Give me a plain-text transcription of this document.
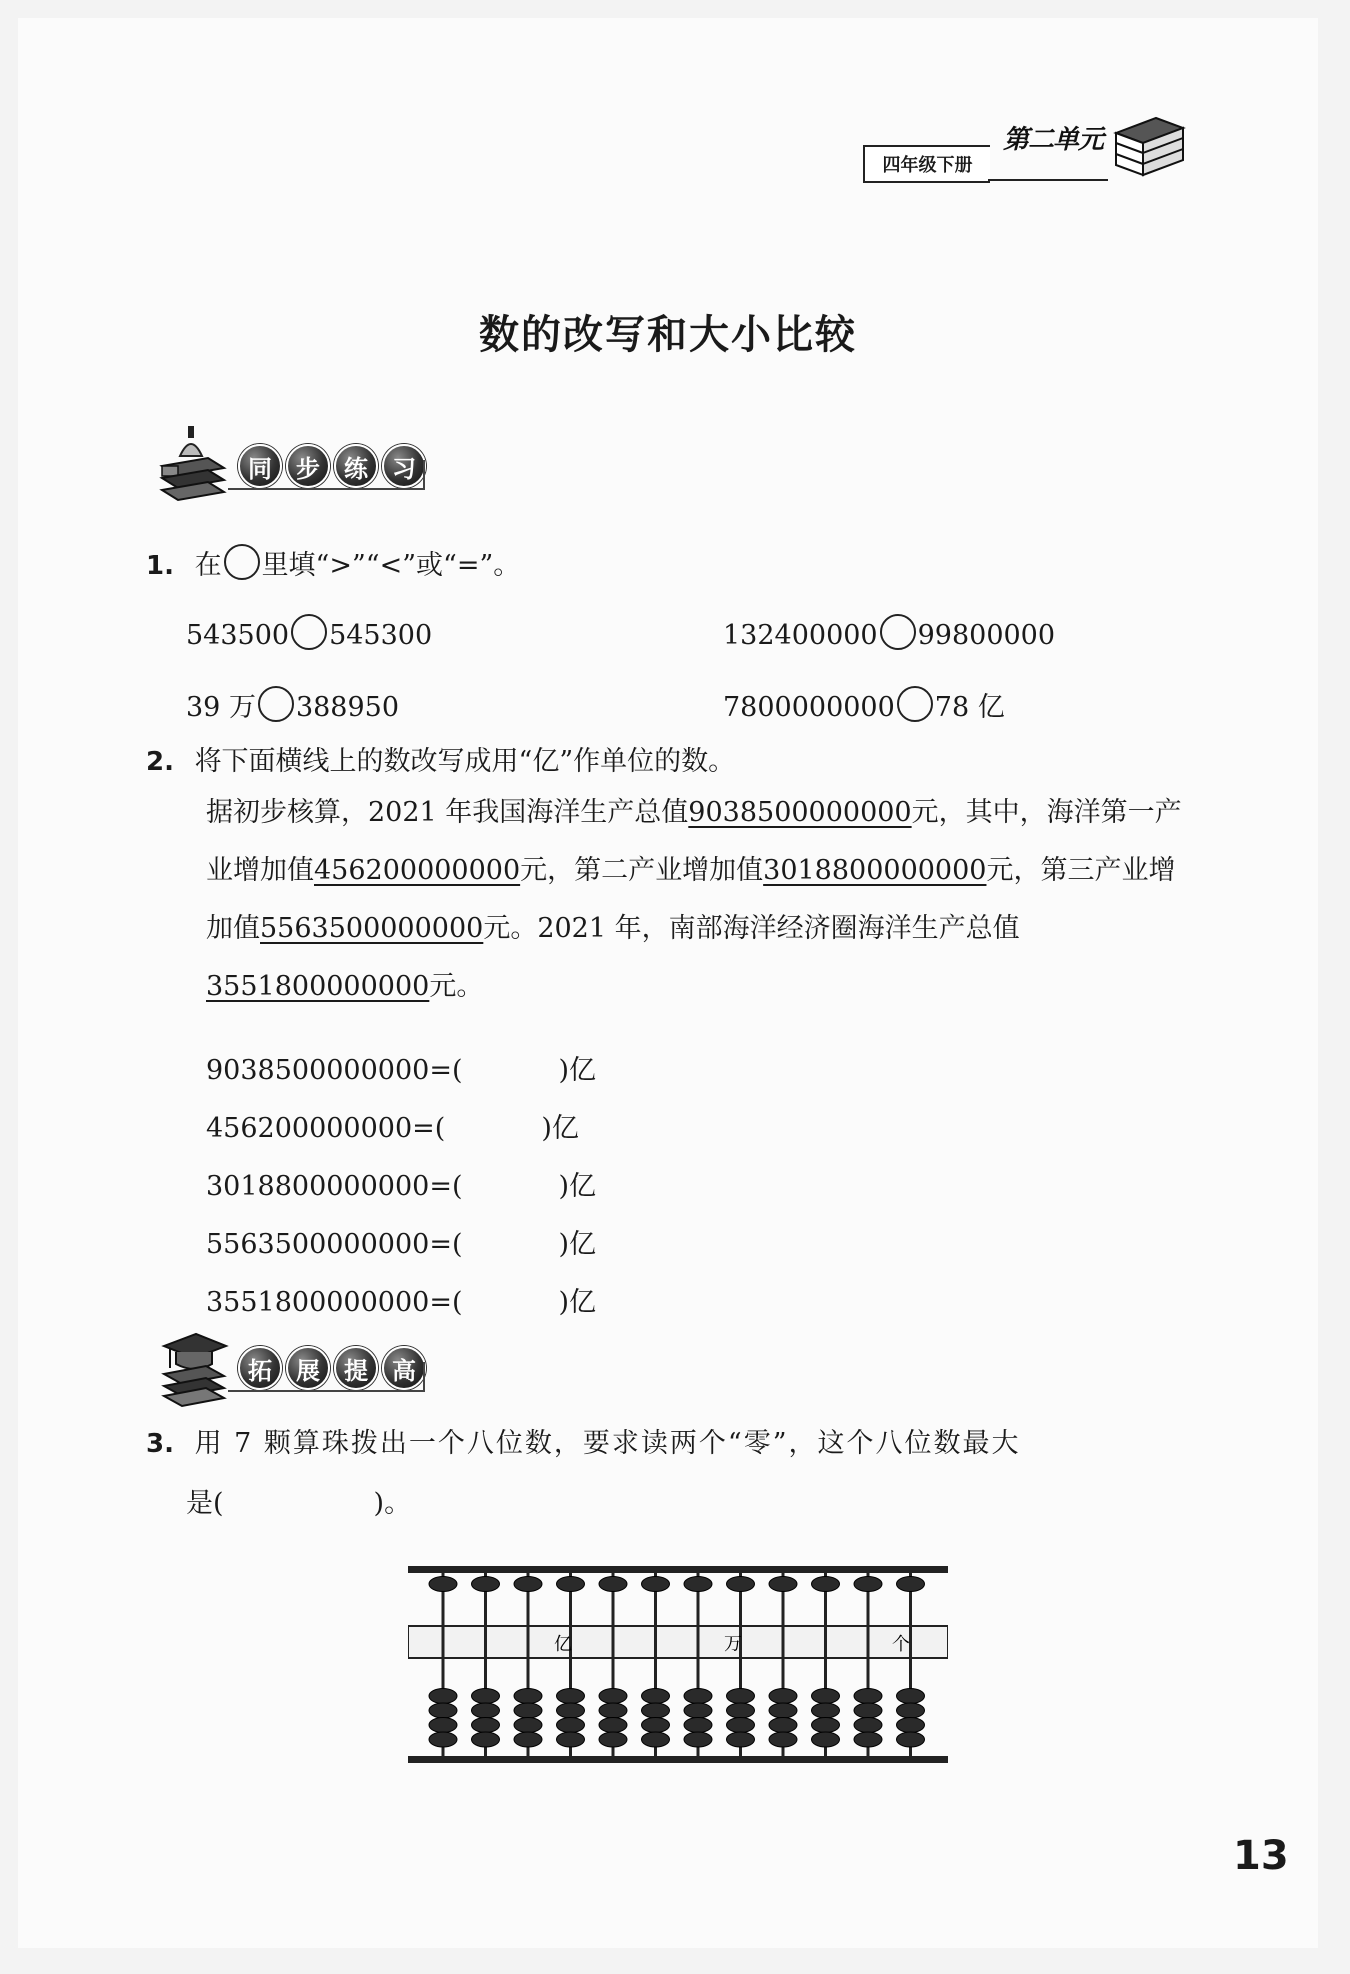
四年级下册
第二单元
数的改写和大小比较
同	步	练	习
1. 在 里填“>”“<”或“=”。
543500 545300	132400000 99800000
39 万 388950	7800000000 78 亿
2. 将下面横线上的数改写成用“亿”作单位的数。
据初步核算，2021 年我国海洋生产总值9038500000000元，其中，海洋第一产业增加值456200000000元，第二产业增加值3018800000000元，第三产业增加值5563500000000元。2021 年，南部海洋经济圈海洋生产总值3551800000000元。
9038500000000=(	)亿
456200000000=(	)亿
3018800000000=(	)亿
5563500000000=(	)亿
3551800000000=(	)亿
拓	展	提	高
3. 用 7 颗算珠拨出一个八位数，要求读两个“零”，这个八位数最大
是(	)。
亿	万	个
13
